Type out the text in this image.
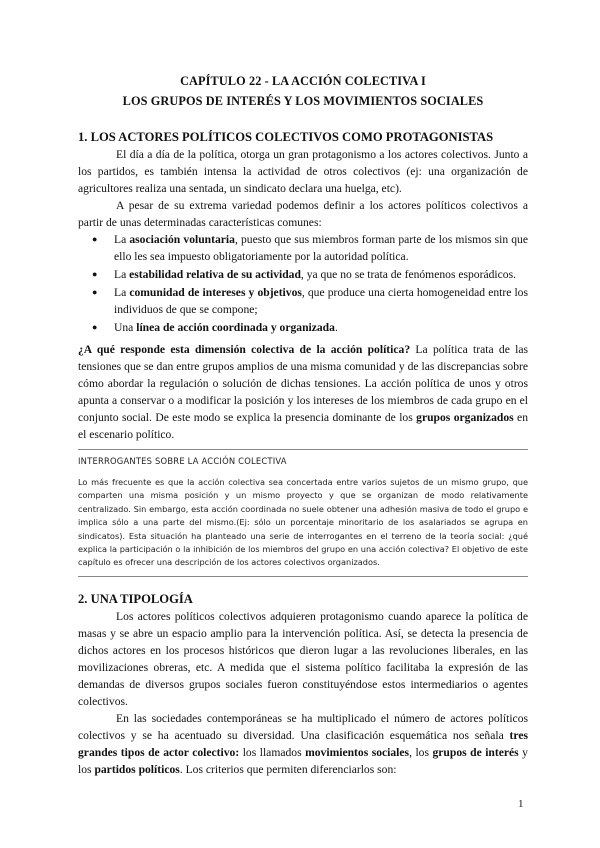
CAPÍTULO 22 - LA ACCIÓN COLECTIVA I
LOS GRUPOS DE INTERÉS Y LOS MOVIMIENTOS SOCIALES
1. LOS ACTORES POLÍTICOS COLECTIVOS COMO PROTAGONISTAS

El día a día de la política, otorga un gran protagonismo a los actores colectivos. Junto a los partidos, es también intensa la actividad de otros colectivos (ej: una organización de agricultores realiza una sentada, un sindicato declara una huelga, etc).

A pesar de su extrema variedad podemos definir a los actores políticos colectivos a partir de unas determinadas características comunes:

● La asociación voluntaria, puesto que sus miembros forman parte de los mismos sin que ello les sea impuesto obligatoriamente por la autoridad política.
● La estabilidad relativa de su actividad, ya que no se trata de fenómenos esporádicos.
● La comunidad de intereses y objetivos, que produce una cierta homogeneidad entre los individuos de que se compone;
● Una línea de acción coordinada y organizada.

¿A qué responde esta dimensión colectiva de la acción política? La política trata de las tensiones que se dan entre grupos amplios de una misma comunidad y de las discrepancias sobre cómo abordar la regulación o solución de dichas tensiones. La acción política de unos y otros apunta a conservar o a modificar la posición y los intereses de los miembros de cada grupo en el conjunto social. De este modo se explica la presencia dominante de los grupos organizados en el escenario político.

INTERROGANTES SOBRE LA ACCIÓN COLECTIVA
Lo más frecuente es que la acción colectiva sea concertada entre varios sujetos de un mismo grupo, que comparten una misma posición y un mismo proyecto y que se organizan de modo relativamente centralizado. Sin embargo, esta acción coordinada no suele obtener una adhesión masiva de todo el grupo e implica sólo a una parte del mismo.(Ej: sólo un porcentaje minoritario de los asalariados se agrupa en sindicatos). Esta situación ha planteado una serie de interrogantes en el terreno de la teoría social: ¿qué explica la participación o la inhibición de los miembros del grupo en una acción colectiva? El objetivo de este capítulo es ofrecer una descripción de los actores colectivos organizados.
2. UNA TIPOLOGÍA

Los actores políticos colectivos adquieren protagonismo cuando aparece la política de masas y se abre un espacio amplio para la intervención política. Así, se detecta la presencia de dichos actores en los procesos históricos que dieron lugar a las revoluciones liberales, en las movilizaciones obreras, etc. A medida que el sistema político facilitaba la expresión de las demandas de diversos grupos sociales fueron constituyéndose estos intermediarios o agentes colectivos.

En las sociedades contemporáneas se ha multiplicado el número de actores políticos colectivos y se ha acentuado su diversidad. Una clasificación esquemática nos señala tres grandes tipos de actor colectivo: los llamados movimientos sociales, los grupos de interés y los partidos políticos. Los criterios que permiten diferenciarlos son:

1
